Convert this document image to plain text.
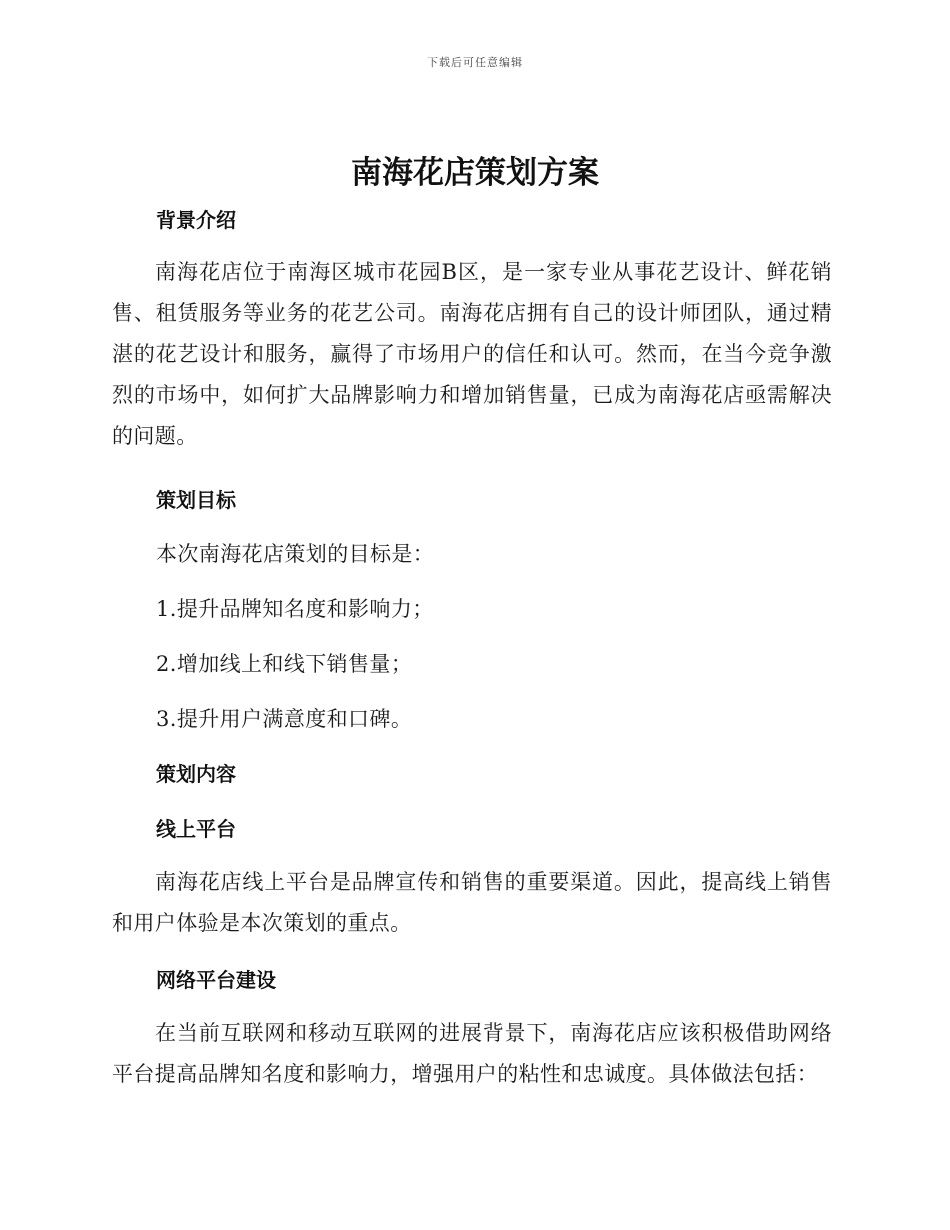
下载后可任意编辑
南海花店策划方案
背景介绍

南海花店位于南海区城市花园B区，是一家专业从事花艺设计、鲜花销售、租赁服务等业务的花艺公司。南海花店拥有自己的设计师团队，通过精湛的花艺设计和服务，赢得了市场用户的信任和认可。然而，在当今竞争激烈的市场中，如何扩大品牌影响力和增加销售量，已成为南海花店亟需解决的问题。

策划目标

本次南海花店策划的目标是：

1.提升品牌知名度和影响力；

2.增加线上和线下销售量；

3.提升用户满意度和口碑。

策划内容
线上平台

南海花店线上平台是品牌宣传和销售的重要渠道。因此，提高线上销售和用户体验是本次策划的重点。

网络平台建设

在当前互联网和移动互联网的进展背景下，南海花店应该积极借助网络平台提高品牌知名度和影响力，增强用户的粘性和忠诚度。具体做法包括：
